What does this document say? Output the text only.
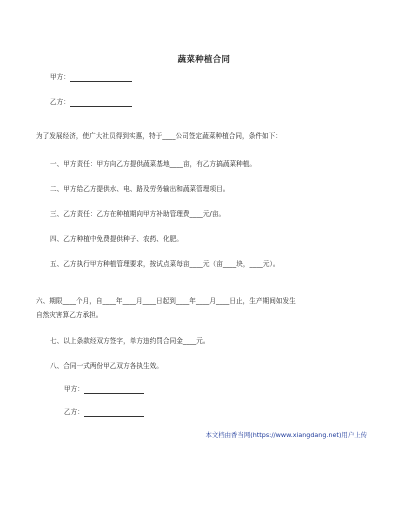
蔬菜种植合同
甲方：
乙方：
为了发展经济，使广大社员得到实惠，特于____公司签定蔬菜种植合同，条件如下：
一、甲方责任：甲方向乙方提供蔬菜基地____亩，有乙方搞蔬菜种植。
二、甲方给乙方提供水、电、路及劳务输出和蔬菜管理项目。
三、乙方责任：乙方在种植期向甲方补助管理费____元/亩。
四、乙方种植中免费提供种子、农药、化肥。
五、乙方执行甲方种植管理要求，按试点菜每亩____元（亩____块，____元）。
六、期限____个月，自____年____月____日起到____年____月____日止，生产期间如发生
自然灾害算乙方承担。
七、以上条款经双方签字，单方违约罚合同金____元。
八、合同一式两份甲乙双方各执生效。
甲方：
乙方：
本文档由香当网(https://www.xiangdang.net)用户上传
